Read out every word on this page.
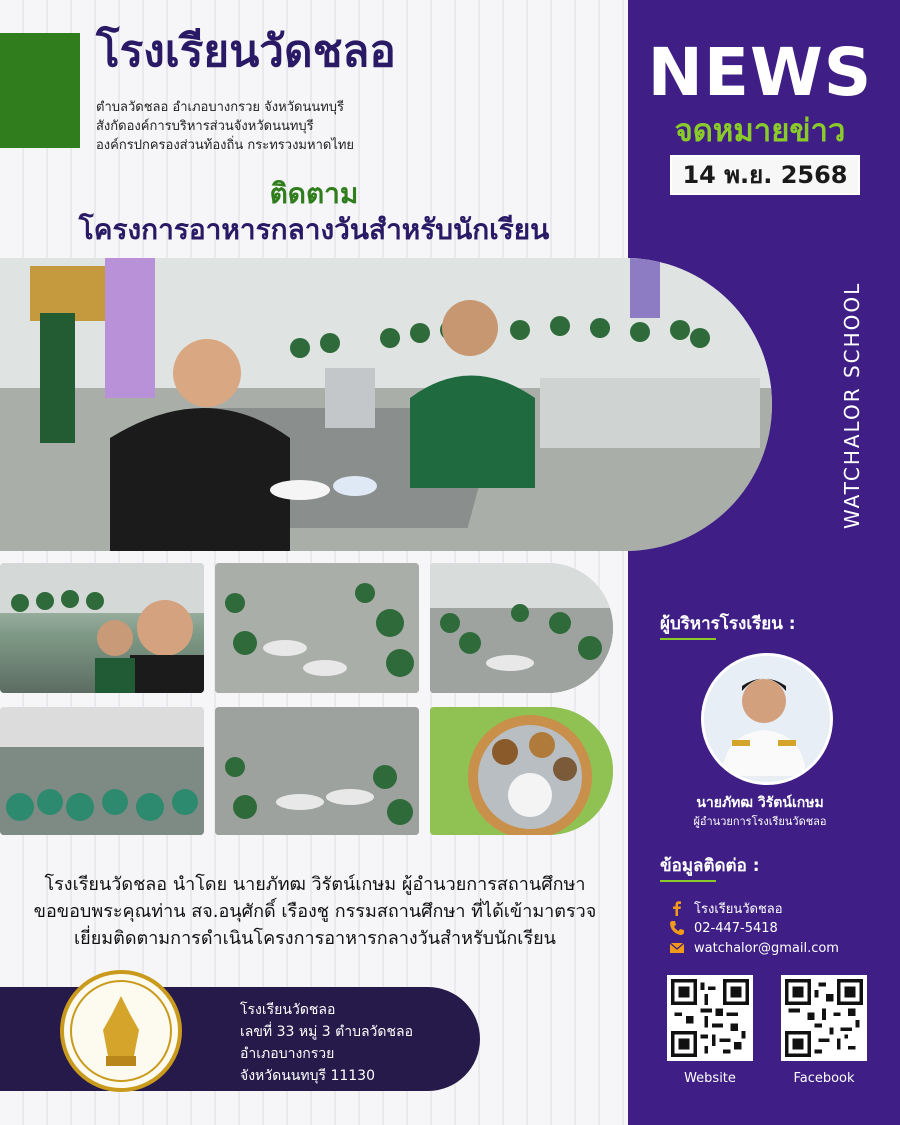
โรงเรียนวัดชลอ

ตำบลวัดชลอ อำเภอบางกรวย จังหวัดนนทบุรี

สังกัดองค์การบริหารส่วนจังหวัดนนทบุรี

องค์กรปกครองส่วนท้องถิ่น กระทรวงมหาดไทย

ติดตาม

โครงการอาหารกลางวันสำหรับนักเรียน

NEWS

จดหมายข่าว

14 พ.ย. 2568
WATCHALOR SCHOOL

โรงเรียนวัดชลอ นำโดย นายภัทฒ วิรัตน์เกษม ผู้อำนวยการสถานศึกษา

ขอขอบพระคุณท่าน สจ.อนุศักดิ์ เรืองชู กรรมสถานศึกษา ที่ได้เข้ามาตรวจ

เยี่ยมติดตามการดำเนินโครงการอาหารกลางวันสำหรับนักเรียน

โรงเรียนวัดชลอ

เลขที่ 33 หมู่ 3 ตำบลวัดชลอ

อำเภอบางกรวย

จังหวัดนนทบุรี 11130

ผู้บริหารโรงเรียน :

นายภัทฒ วิรัตน์เกษม

ผู้อำนวยการโรงเรียนวัดชลอ

ข้อมูลติดต่อ :

โรงเรียนวัดชลอ
02-447-5418
watchalor@gmail.com

Website	Facebook
